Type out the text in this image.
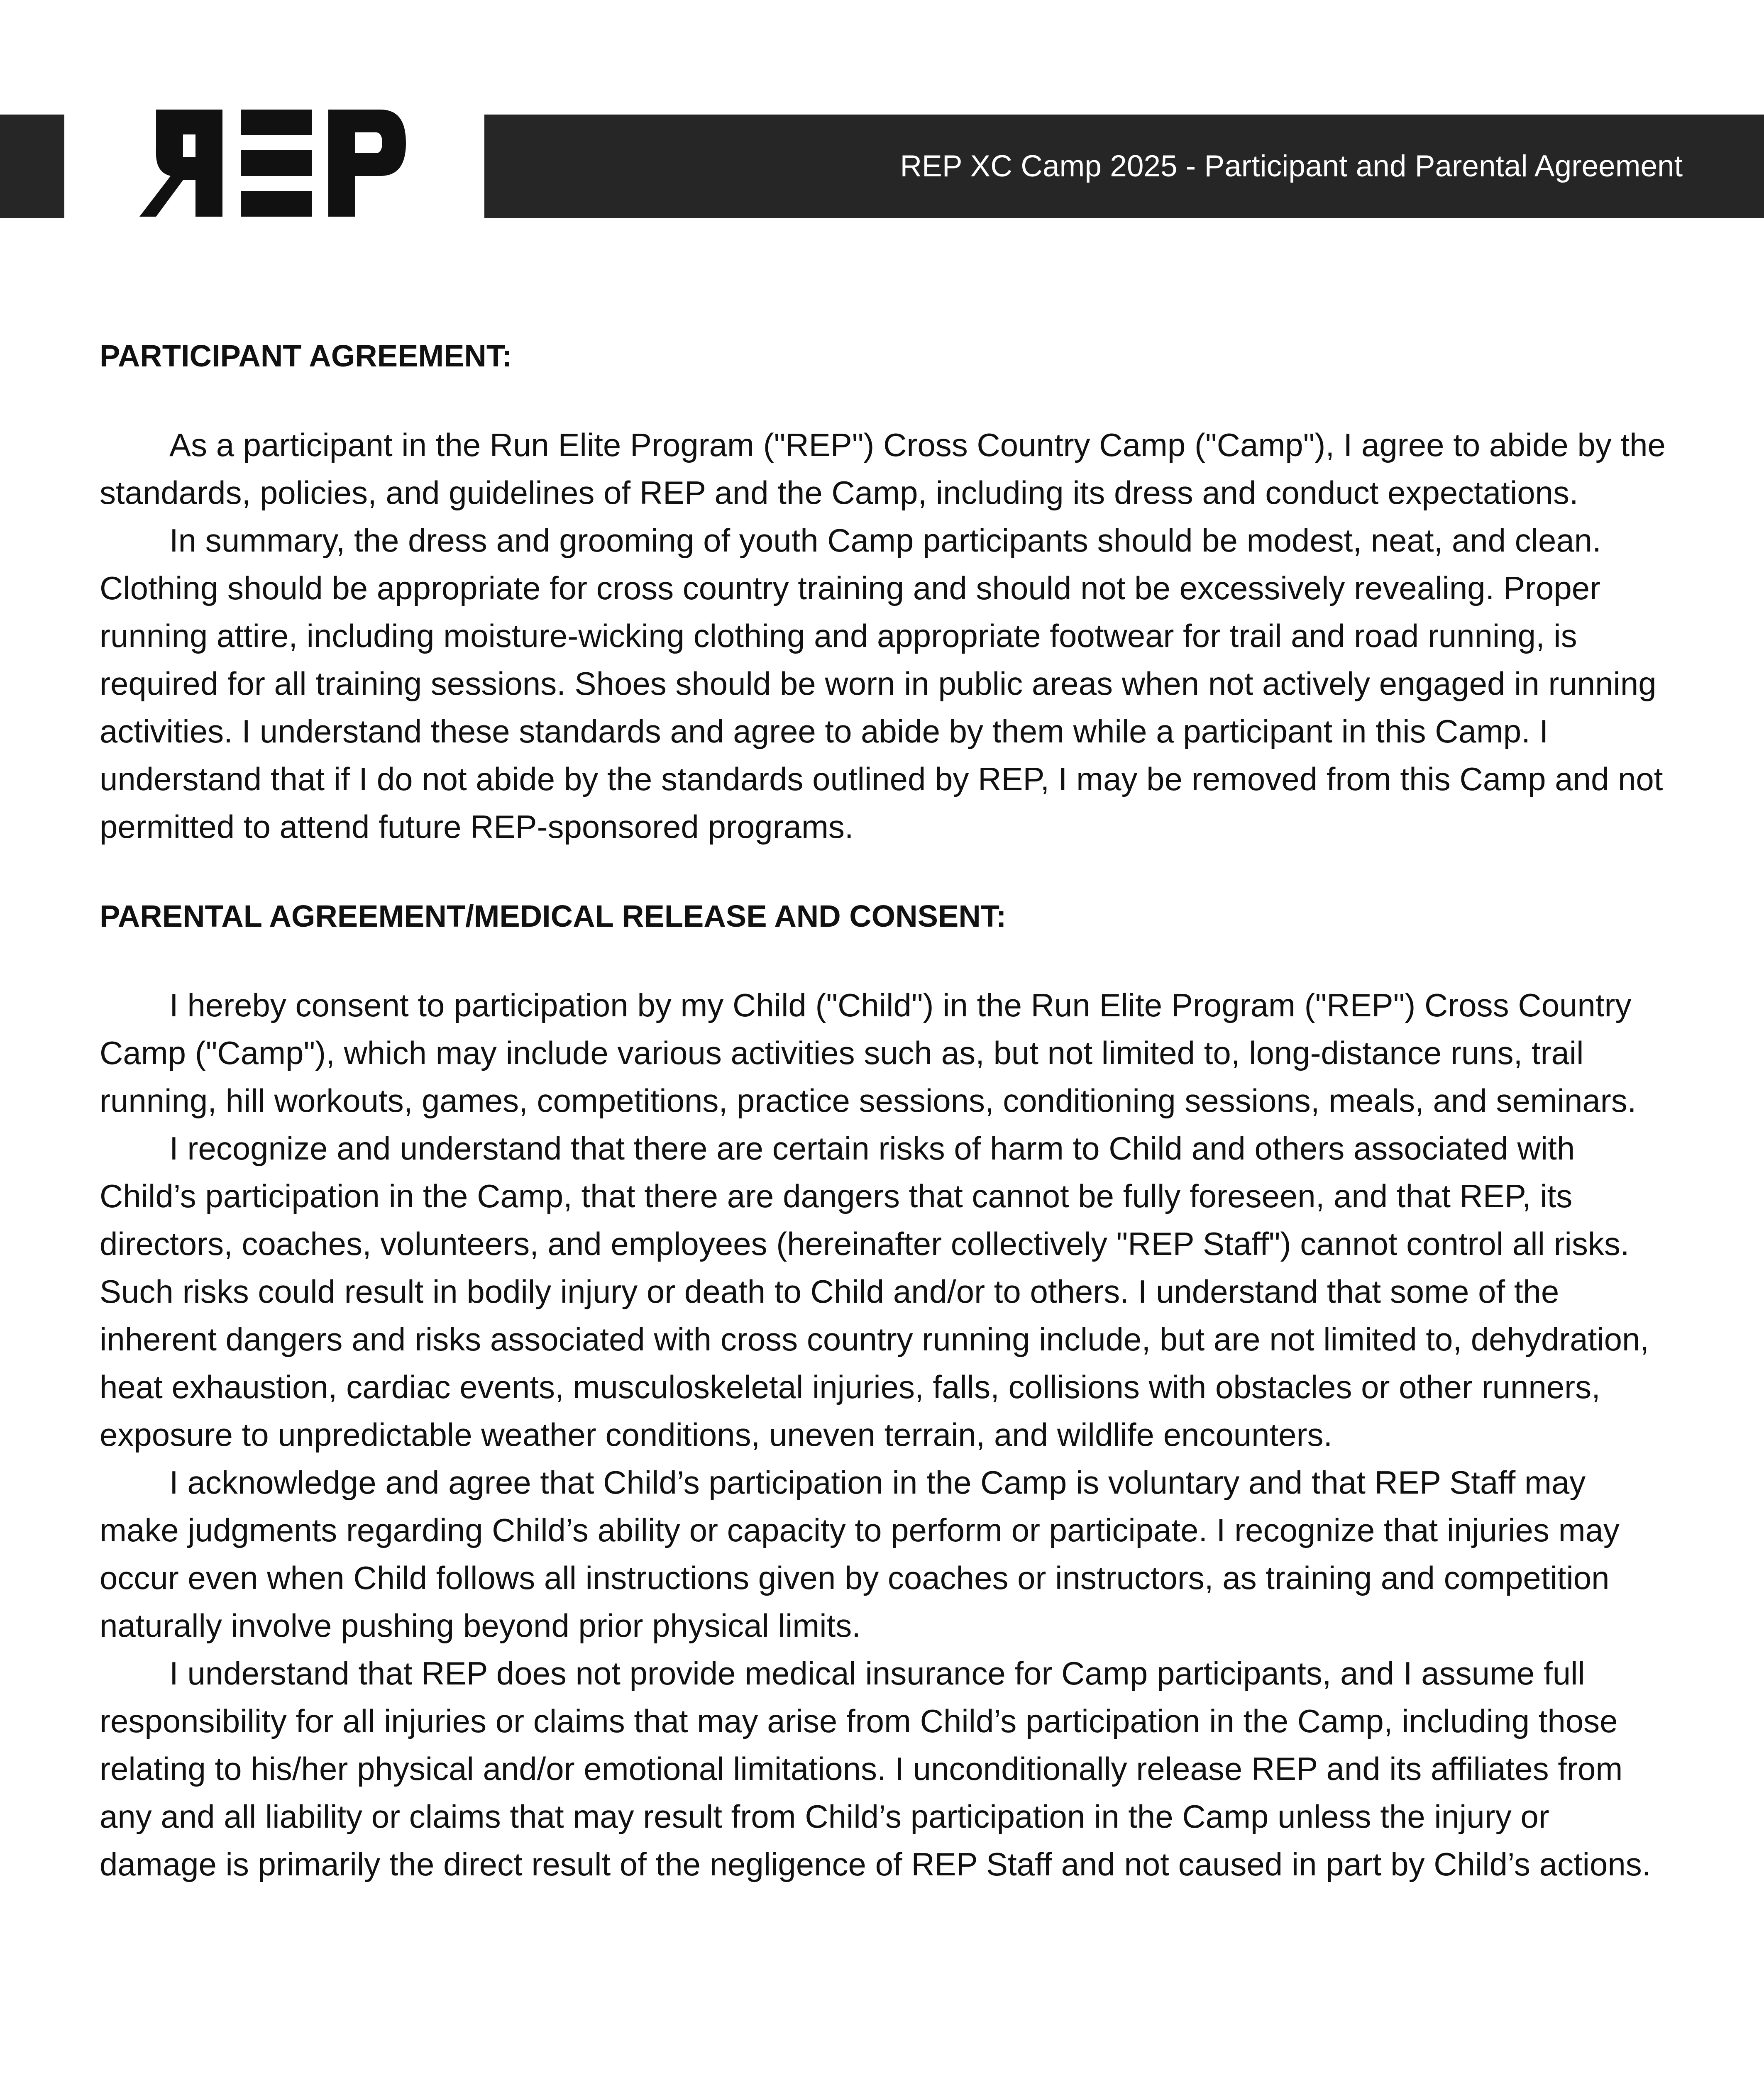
REP XC Camp 2025 - Participant and Parental Agreement
PARTICIPANT AGREEMENT:

As a participant in the Run Elite Program ("REP") Cross Country Camp ("Camp"), I agree to abide by the standards, policies, and guidelines of REP and the Camp, including its dress and conduct expectations.

In summary, the dress and grooming of youth Camp participants should be modest, neat, and clean. Clothing should be appropriate for cross country training and should not be excessively revealing. Proper running attire, including moisture-wicking clothing and appropriate footwear for trail and road running, is required for all training sessions. Shoes should be worn in public areas when not actively engaged in running activities. I understand these standards and agree to abide by them while a participant in this Camp. I understand that if I do not abide by the standards outlined by REP, I may be removed from this Camp and not permitted to attend future REP-sponsored programs.

PARENTAL AGREEMENT/MEDICAL RELEASE AND CONSENT:

I hereby consent to participation by my Child ("Child") in the Run Elite Program ("REP") Cross Country Camp ("Camp"), which may include various activities such as, but not limited to, long-distance runs, trail running, hill workouts, games, competitions, practice sessions, conditioning sessions, meals, and seminars.

I recognize and understand that there are certain risks of harm to Child and others associated with Child’s participation in the Camp, that there are dangers that cannot be fully foreseen, and that REP, its directors, coaches, volunteers, and employees (hereinafter collectively "REP Staff") cannot control all risks. Such risks could result in bodily injury or death to Child and/or to others. I understand that some of the inherent dangers and risks associated with cross country running include, but are not limited to, dehydration, heat exhaustion, cardiac events, musculoskeletal injuries, falls, collisions with obstacles or other runners, exposure to unpredictable weather conditions, uneven terrain, and wildlife encounters.

I acknowledge and agree that Child’s participation in the Camp is voluntary and that REP Staff may make judgments regarding Child’s ability or capacity to perform or participate. I recognize that injuries may occur even when Child follows all instructions given by coaches or instructors, as training and competition naturally involve pushing beyond prior physical limits.

I understand that REP does not provide medical insurance for Camp participants, and I assume full responsibility for all injuries or claims that may arise from Child’s participation in the Camp, including those relating to his/her physical and/or emotional limitations. I unconditionally release REP and its affiliates from any and all liability or claims that may result from Child’s participation in the Camp unless the injury or damage is primarily the direct result of the negligence of REP Staff and not caused in part by Child’s actions.
